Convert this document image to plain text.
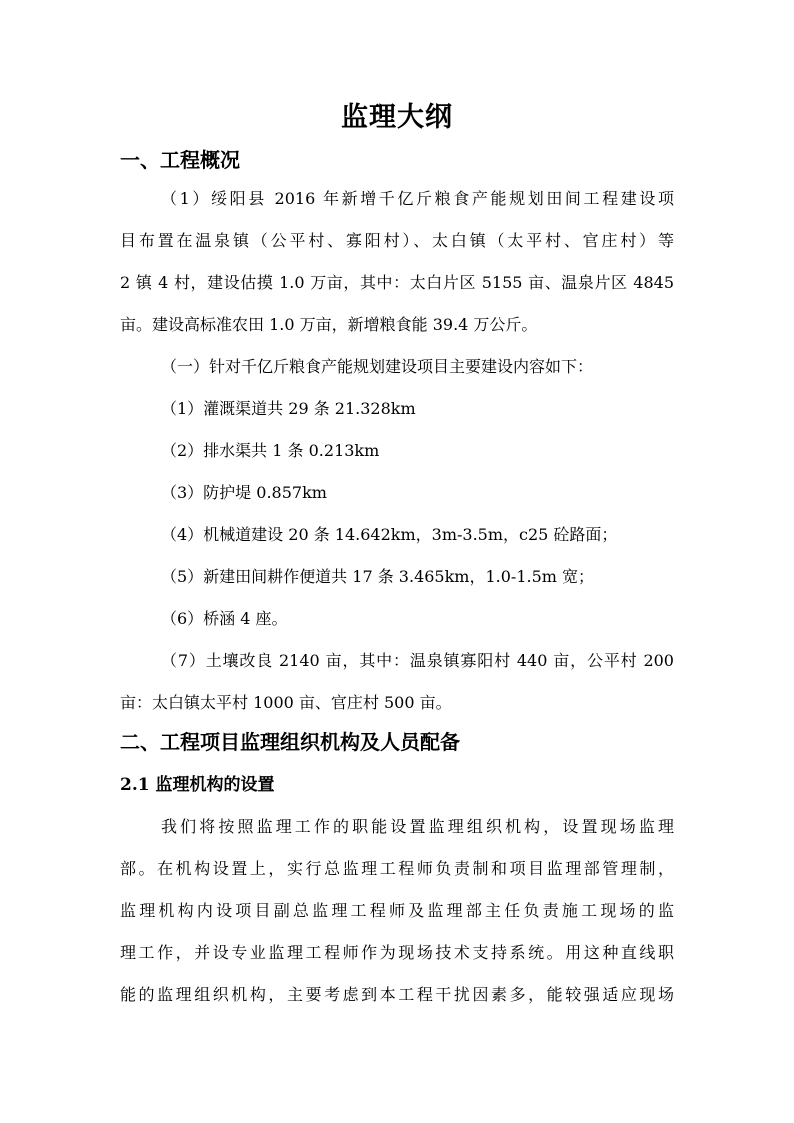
监理大纲
一、工程概况
（1）绥阳县 2016 年新增千亿斤粮食产能规划田间工程建设项
目布置在温泉镇（公平村、寡阳村）、太白镇（太平村、官庄村）等
2 镇 4 村，建设估摸 1.0 万亩，其中：太白片区 5155 亩、温泉片区 4845
亩。建设高标准农田 1.0 万亩，新增粮食能 39.4 万公斤。
（一）针对千亿斤粮食产能规划建设项目主要建设内容如下：
（1）灌溉渠道共 29 条 21.328km
（2）排水渠共 1 条 0.213km
（3）防护堤 0.857km
（4）机械道建设 20 条 14.642km，3m-3.5m，c25 砼路面；
（5）新建田间耕作便道共 17 条 3.465km，1.0-1.5m 宽；
（6）桥涵 4 座。
（7）土壤改良 2140 亩，其中：温泉镇寡阳村 440 亩，公平村 200
亩：太白镇太平村 1000 亩、官庄村 500 亩。
二、工程项目监理组织机构及人员配备
2.1 监理机构的设置
我们将按照监理工作的职能设置监理组织机构，设置现场监理
部。在机构设置上，实行总监理工程师负责制和项目监理部管理制，
监理机构内设项目副总监理工程师及监理部主任负责施工现场的监
理工作，并设专业监理工程师作为现场技术支持系统。用这种直线职
能的监理组织机构，主要考虑到本工程干扰因素多，能较强适应现场
